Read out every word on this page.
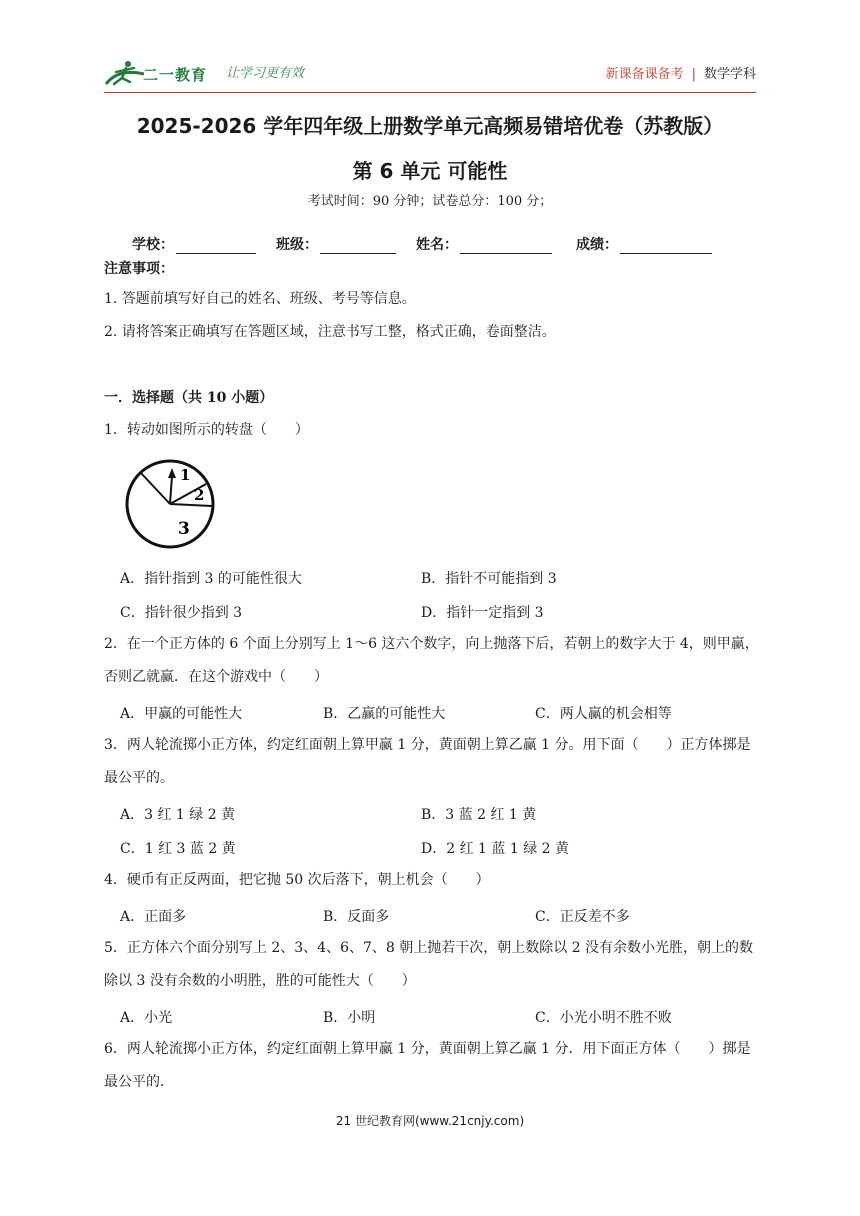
二一教育 让学习更有效	新课备课备考 | 数学学科
2025-2026 学年四年级上册数学单元高频易错培优卷（苏教版）
第 6 单元 可能性
考试时间：90 分钟；试卷总分：100 分；
学校：	班级：	姓名：	成绩：
注意事项：
1. 答题前填写好自己的姓名、班级、考号等信息。
2. 请将答案正确填写在答题区域，注意书写工整，格式正确，卷面整洁。
一．选择题（共 10 小题）
1．转动如图所示的转盘（　　）
1
2
3
A．指针指到 3 的可能性很大	B．指针不可能指到 3
C．指针很少指到 3	D．指针一定指到 3
2．在一个正方体的 6 个面上分别写上 1～6 这六个数字，向上抛落下后，若朝上的数字大于 4，则甲赢，否则乙就赢．在这个游戏中（　　）
A．甲赢的可能性大	B．乙赢的可能性大	C．两人赢的机会相等
3．两人轮流掷小正方体，约定红面朝上算甲赢 1 分，黄面朝上算乙赢 1 分。用下面（　　）正方体掷是最公平的。
A．3 红 1 绿 2 黄	B．3 蓝 2 红 1 黄
C．1 红 3 蓝 2 黄	D．2 红 1 蓝 1 绿 2 黄
4．硬币有正反两面，把它抛 50 次后落下，朝上机会（　　）
A．正面多	B．反面多	C．正反差不多
5．正方体六个面分别写上 2、3、4、6、7、8 朝上抛若干次，朝上数除以 2 没有余数小光胜，朝上的数除以 3 没有余数的小明胜，胜的可能性大（　　）
A．小光	B．小明	C．小光小明不胜不败
6．两人轮流掷小正方体，约定红面朝上算甲赢 1 分，黄面朝上算乙赢 1 分．用下面正方体（　　）掷是最公平的．
21 世纪教育网(www.21cnjy.com)
